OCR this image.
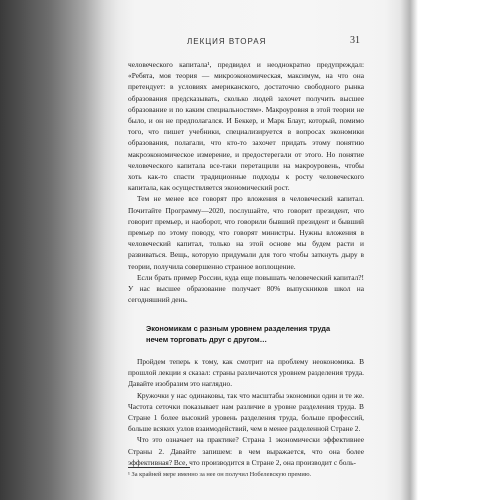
ЛЕКЦИЯ ВТОРАЯ	31

человеческого капитала¹, предвидел и неоднократно предупреждал: «Ребята, моя теория — микроэкономическая, максимум, на что она претендует: в условиях американского, достаточно свободного рынка образования предсказывать, сколько людей захочет получить высшее образование и по каким специальностям». Макроуровня в этой теории не было, и он не предполагался. И Беккер, и Марк Блауг, который, помимо того, что пишет учебники, специализируется в вопросах экономики образования, полагали, что кто-то захочет придать этому понятию макроэкономическое измерение, и предостерегали от этого. Но понятие человеческого капитала все-таки перетащили на макроуровень, чтобы хоть как-то спасти традиционные подходы к росту человеческого капитала, как осуществляется экономический рост.

Тем не менее все говорят про вложения в человеческий капитал. Почитайте Программу—2020, послушайте, что говорит президент, что говорит премьер, и наоборот, что говорили бывший президент и бывший премьер по этому поводу, что говорят министры. Нужны вложения в человеческий капитал, только на этой основе мы будем расти и развиваться. Вещь, которую придумали для того чтобы заткнуть дыру в теории, получила совершенно странное воплощение.

Если брать пример России, куда еще повышать человеческий капитал?! У нас высшее образование получает 80% выпускников школ на сегодняшний день.

Экономикам с разным уровнем разделения труда нечем торговать друг с другом…

Пройдем теперь к тому, как смотрит на проблему неокономика. В прошлой лекции я сказал: страны различаются уровнем разделения труда. Давайте изобразим это наглядно.

Кружочки у нас одинаковы, так что масштабы экономики один и те же. Частота сеточки показывает нам различие в уровне разделения труда. В Стране 1 более высокий уровень разделения труда, больше профессий, больше всяких узлов взаимодействий, чем в менее разделенной Стране 2.

Что это означает на практике? Страна 1 экономически эффективнее Страны 2. Давайте запишем: в чем выражается, что она более эффективная? Все, что производится в Стране 2, она производит с боль-

¹ За крайней мере именно за нее он получил Нобелевскую премию.
